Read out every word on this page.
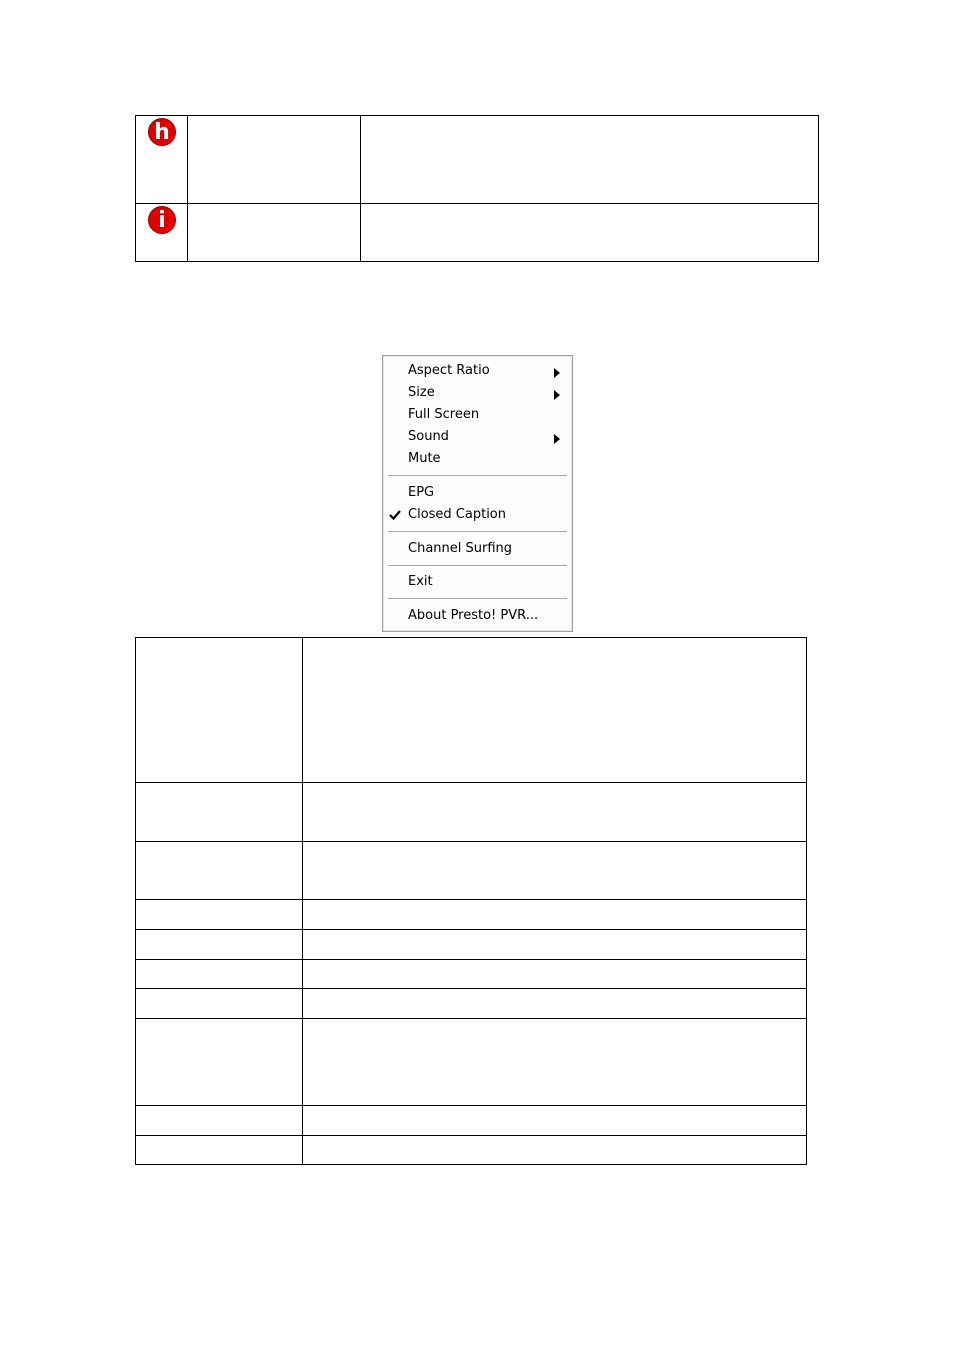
h		
i		
Aspect Ratio
Size
Full Screen
Sound
Mute
EPG
Closed Caption
Channel Surfing
Exit
About Presto! PVR...
